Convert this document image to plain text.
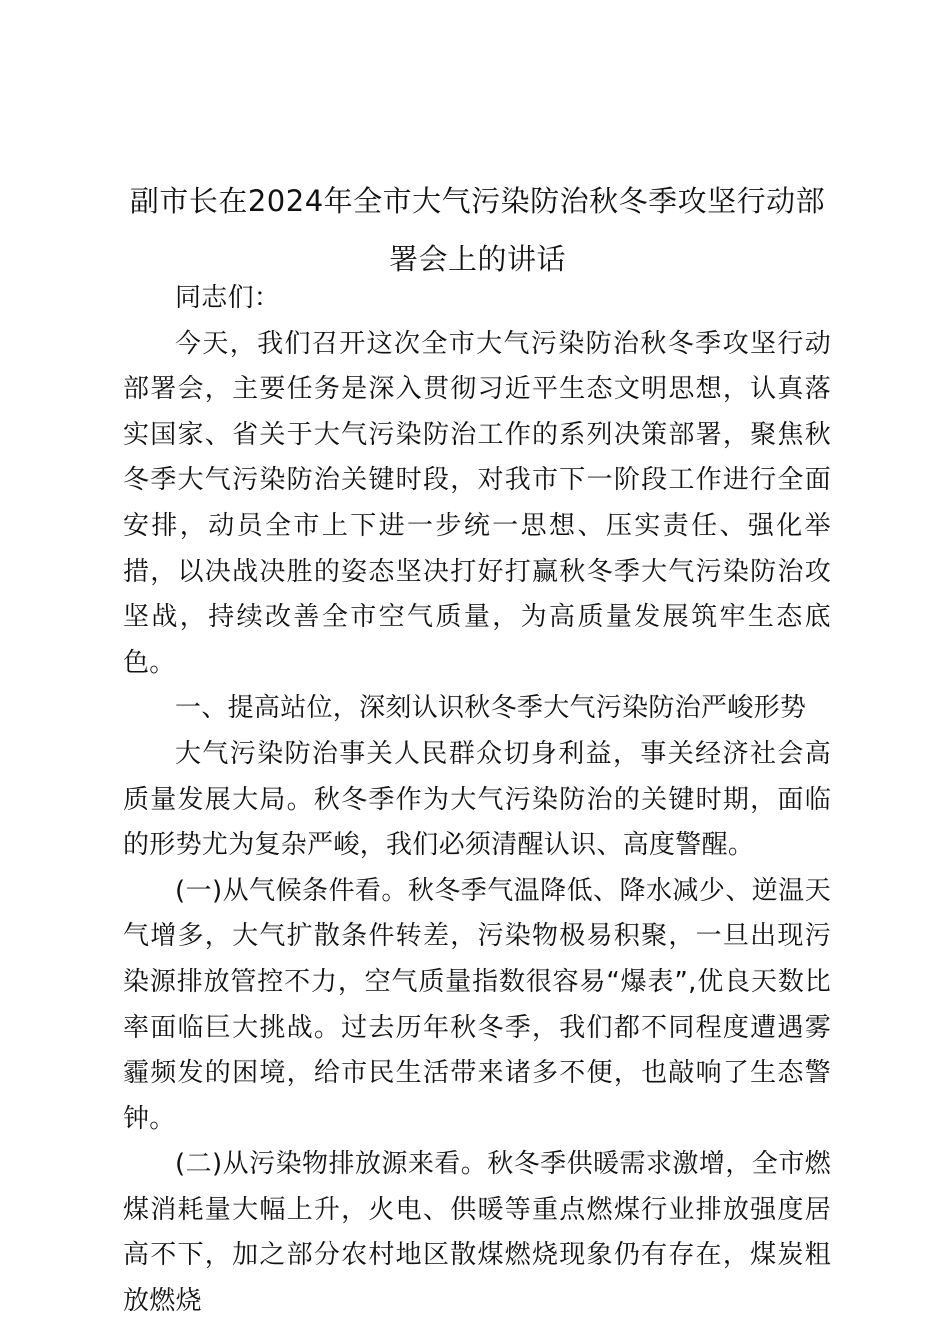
副市长在2024年全市大气污染防治秋冬季攻坚行动部署会上的讲话

同志们：

今天，我们召开这次全市大气污染防治秋冬季攻坚行动部署会，主要任务是深入贯彻习近平生态文明思想，认真落实国家、省关于大气污染防治工作的系列决策部署，聚焦秋冬季大气污染防治关键时段，对我市下一阶段工作进行全面安排，动员全市上下进一步统一思想、压实责任、强化举措，以决战决胜的姿态坚决打好打赢秋冬季大气污染防治攻坚战，持续改善全市空气质量，为高质量发展筑牢生态底色。

一、提高站位，深刻认识秋冬季大气污染防治严峻形势

大气污染防治事关人民群众切身利益，事关经济社会高质量发展大局。秋冬季作为大气污染防治的关键时期，面临的形势尤为复杂严峻，我们必须清醒认识、高度警醒。

(一)从气候条件看。秋冬季气温降低、降水减少、逆温天气增多，大气扩散条件转差，污染物极易积聚，一旦出现污染源排放管控不力，空气质量指数很容易“爆表”,优良天数比率面临巨大挑战。过去历年秋冬季，我们都不同程度遭遇雾霾频发的困境，给市民生活带来诸多不便，也敲响了生态警钟。

(二)从污染物排放源来看。秋冬季供暖需求激增，全市燃煤消耗量大幅上升，火电、供暖等重点燃煤行业排放强度居高不下，加之部分农村地区散煤燃烧现象仍有存在，煤炭粗放燃烧
